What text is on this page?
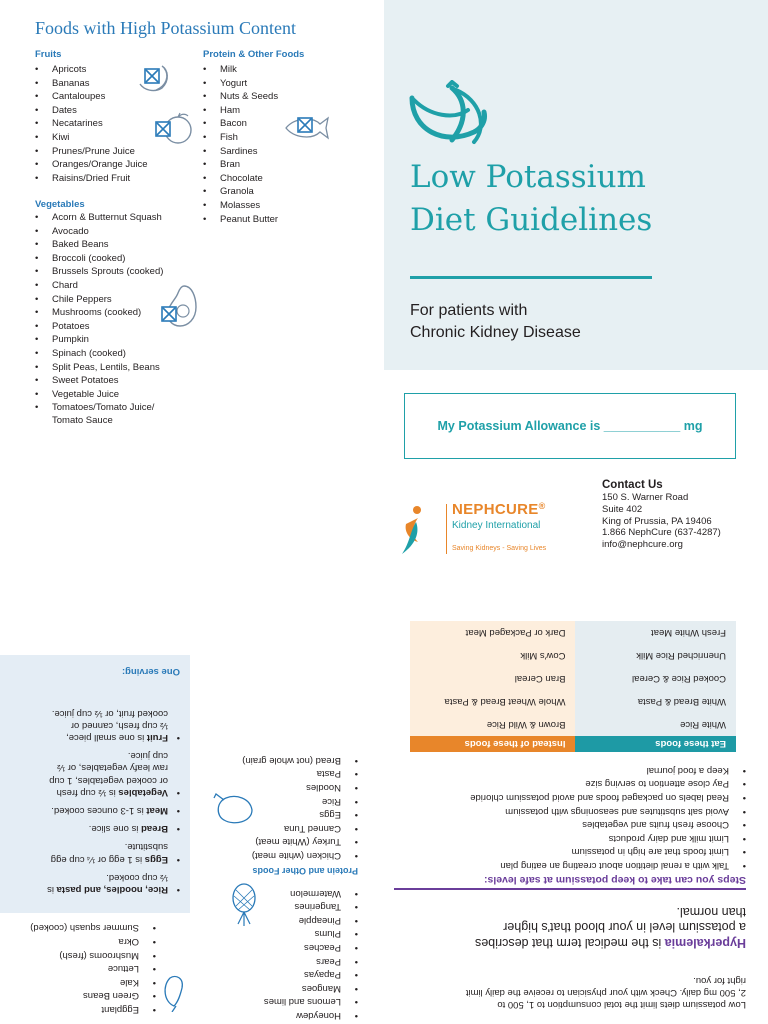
Foods with High Potassium Content
Fruits
• Apricots
• Bananas
• Cantaloupes
• Dates
• Necatarines
• Kiwi
• Prunes/Prune Juice
• Oranges/Orange Juice
• Raisins/Dried Fruit
Vegetables
• Acorn & Butternut Squash
• Avocado
• Baked Beans
• Broccoli (cooked)
• Brussels Sprouts (cooked)
• Chard
• Chile Peppers
• Mushrooms (cooked)
• Potatoes
• Pumpkin
• Spinach (cooked)
• Split Peas, Lentils, Beans
• Sweet Potatoes
• Vegetable Juice
• Tomatoes/Tomato Juice/
Tomato Sauce
Protein & Other Foods
• Milk
• Yogurt
• Nuts & Seeds
• Ham
• Bacon
• Fish
• Sardines
• Bran
• Chocolate
• Granola
• Molasses
• Peanut Butter
Low Potassium
Diet Guidelines
For patients with
Chronic Kidney Disease
My Potassium Allowance is ___________ mg
NEPHCURE®
Kidney International
Saving Kidneys - Saving Lives
Contact Us
150 S. Warner Road
Suite 402
King of Prussia, PA 19406
1.866 NephCure (637-4287)
info@nephcure.org
Low potassium diets limit the total consumption to 1, 500 to
2, 500 mg daily. Check with your physician to receive the daily limit
right for you.
Hyperkalemia is the medical term that describes
a potassium level in your blood that's higher
than normal.
Steps you can take to keep potassium at safe levels:
• Talk with a renal dietition about creating an eating plan
• Limit foods that are high in potassium
• Limit milk and dairy products
• Choose fresh fruits and vegetables
• Avoid salt substitutes and seasonings with potassium
• Read labels on packaged foods and avoid potassium chloride
• Pay close attention to serving size
• Keep a food journal
Eat these foods	Instead of these foods
White Rice	Brown & Wild Rice
White Bread & Pasta	Whole Wheat Bread & Pasta
Cooked Rice & Cereal	Bran Cereal
Unenriched Rice Milk	Cow's Milk
Fresh White Meat	Dark or Packaged Meat
• Honeydew
• Lemons and limes
• Mangoes
• Papayas
• Pears
• Peaches
• Plums
• Pineapple
• Tangerines
• Watermelon
Protein and Other Foods
• Chicken (white meat)
• Turkey (White meat)
• Canned Tuna
• Eggs
• Rice
• Noodles
• Pasta
• Bread (not whole grain)
•
Rice, noodles, and pasta is
½ cup cooked.
•
Eggs is 1 egg or ¼ cup egg
substitute.
•
Bread is one slice.
•
Meat is 1-3 ounces cooked.
•
Vegetables is ½ cup fresh
or cooked vegetables, 1 cup
raw leafy vegetables, or ½
cup juice.
•
Fruit is one small piece,
½ cup fresh, canned or
cooked fruit, or ½ cup juice.
One serving:
• Eggplant
• Green Beans
• Kale
• Lettuce
• Mushrooms (fresh)
• Okra
• Summer squash (cooked)
